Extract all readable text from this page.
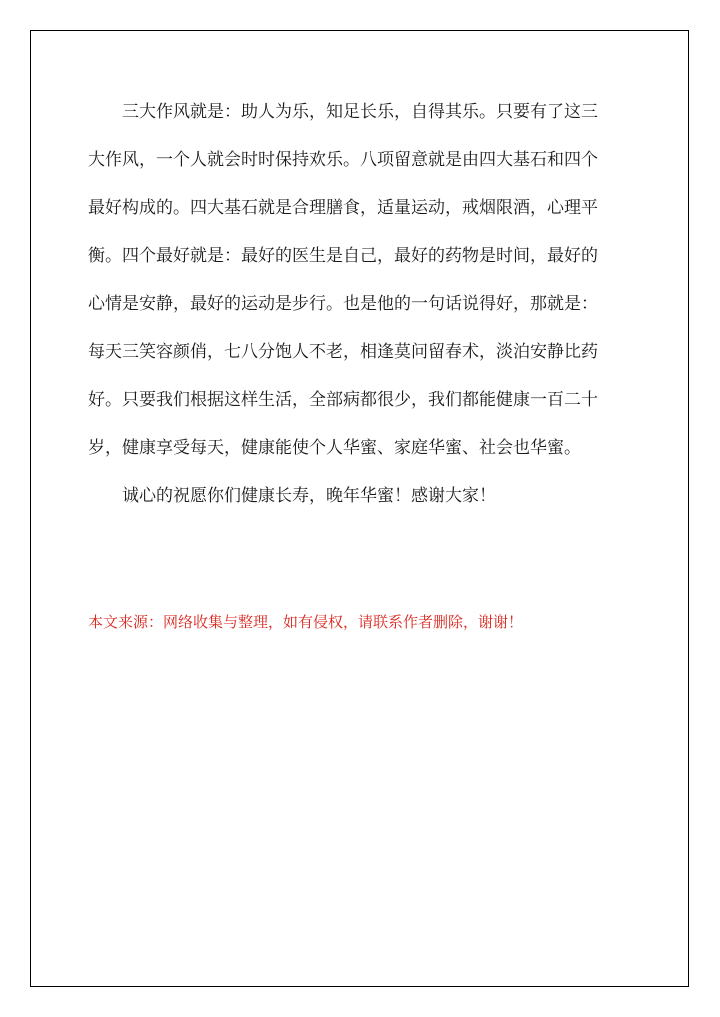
　　三大作风就是：助人为乐，知足长乐，自得其乐。只要有了这三

大作风，一个人就会时时保持欢乐。八项留意就是由四大基石和四个

最好构成的。四大基石就是合理膳食，适量运动，戒烟限酒，心理平

衡。四个最好就是：最好的医生是自己，最好的药物是时间，最好的

心情是安静，最好的运动是步行。也是他的一句话说得好，那就是：

每天三笑容颜俏，七八分饱人不老，相逢莫问留春术，淡泊安静比药

好。只要我们根据这样生活，全部病都很少，我们都能健康一百二十

岁，健康享受每天，健康能使个人华蜜、家庭华蜜、社会也华蜜。

　　诚心的祝愿你们健康长寿，晚年华蜜！感谢大家！

本文来源：网络收集与整理，如有侵权，请联系作者删除，谢谢！
